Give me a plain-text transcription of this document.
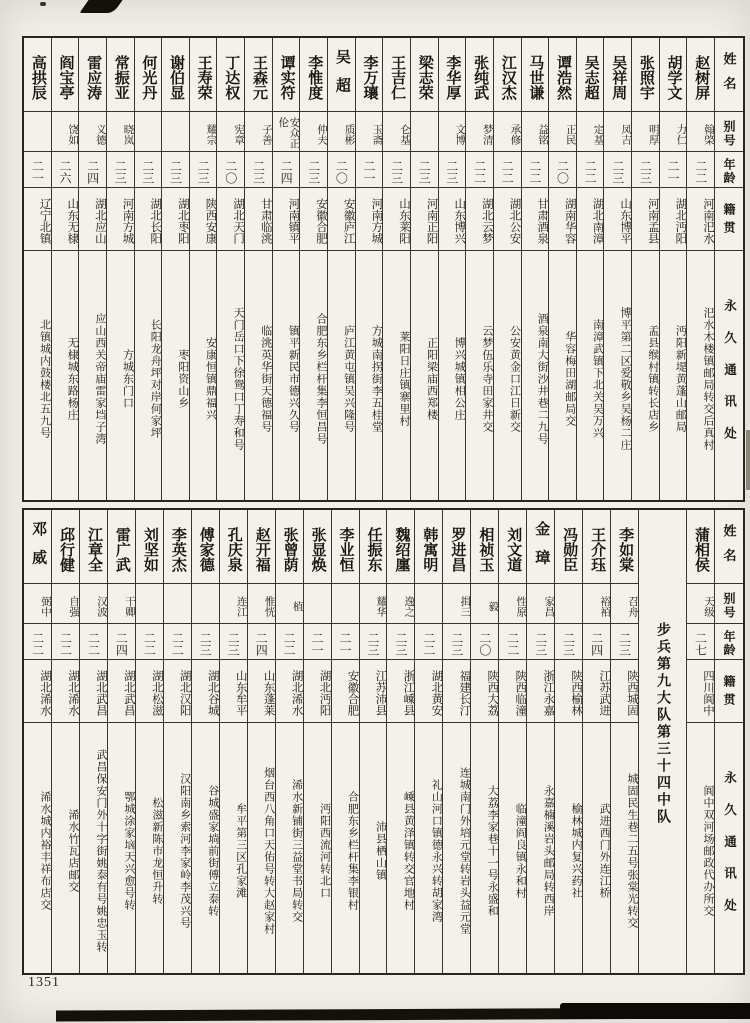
姓名
别号
年龄
籍贯
永久通讯处
赵树屏
翰棨
二二
河南汜水
汜水木楼镇邮局转交后真村
胡学文
力仁
二一
湖北沔阳
沔阳新堤黄蓬山邮局
张照宇
明厚
二三
河南孟县
孟县缑村镇转长店乡
吴祥周
凤吉
二三
山东博平
博平第二区爱敬乡吴杨二庄
吴志超
定基
二二
湖北南漳
南漳武镇下北关吴万兴
谭浩然
正民
二〇
湖南华容
华容梅田湖邮局交
马世谦
益铭
二二
甘肃酒泉
酒泉南大街沙井巷二九号
江汉杰
承修
二二
湖北公安
公安黄金口江日新交
张纯武
梦清
二二
湖北云梦
云梦伍乐寺田家井交
李华厚
文博
二三
山东博兴
博兴城镇相公庄
梁志荣
二三
河南正阳
正阳梁庙西郑楼
王吉仁
仑基
二三
山东莱阳
莱阳日庄镇寨里村
李万瓖
玉斋
二一
河南方城
方城南拐街李五桂堂
吴超
质彬
二〇
安徽庐江
庐江黄屯镇吴兴隆号
李惟度
仲夫
二三
安徽合肥
合肥东乡栏杆集李恒昌号
谭实符
安众正伦
二四
河南镇平
镇平新民市德兴久号
王森元
子善
二三
甘肃临洮
临洮英华街天德福号
丁达权
宪章
二〇
湖北天门
天门岳口下徐鸳口丁寿和号
王寿荣
耀宗
二三
陕西安康
安康恒镇鼎福兴
谢伯显
二三
湖北枣阳
枣阳资山乡
何光丹
二三
湖北长阳
长阳龙舟坪对岸何家坪
常振亚
晓岚
二三
河南方城
方城东门口
雷应涛
义德
二四
湖北应山
应山西关帝庙雷家垱子湾
阎宝亭
饶如
二六
山东无棣
无棣城东路杨庄
高拱辰
二一
辽宁北镇
北镇城内鼓楼北五九号
姓名
别号
年龄
籍贯
永久通讯处
蒲相侯
天级
二七
四川阆中
阆中双河场邮政代办所交
步兵第九大队第三十四中队
李如棠
召舟
二三
陕西城固
城固民生巷二五号张棠光转交
王介珏
裕袹
二四
江苏武进
武进西门外连江桥
冯勋臣
二三
陕西榆林
榆林城内复兴药社
金璋
家昌
二三
浙江永嘉
永嘉楠溪岩头邮局转西岸
刘文道
性原
二二
陕西临潼
临潼阎良镇永和村
相祯玉
毅
二〇
陕西大荔
大荔李家巷十一号永盛和
罗进昌
揖三
二三
福建长汀
连城南门外培元堂转岩头益元堂
韩寓明
二二
湖北黄安
礼山河口镇德永兴转胡家湾
魏绍廛
逸之
二三
浙江嵊县
嵊县黄泽镇转交官地村
任振东
耀华
二三
江苏沛县
沛县栖山镇
李业恒
二一
安徽合肥
合肥东乡栏杆集李银村
张显焕
二一
湖北沔阳
沔阳西流河转北口
张曾荫
植
二二
湖北浠水
浠水新铺街三益堂书局转交
赵开福
惟恍
二四
山东蓬莱
烟台西八角口天佑号转大赵家村
孔庆泉
连江
二三
山东牟平
牟平第三区孔家滩
傅家德
二三
湖北谷城
谷城盛家埫前街傅立泰转
李英杰
二二
湖北汉阳
汉阳南乡索河李家岭李茂兴号
刘坚如
二二
湖北松滋
松滋新陈市龙恒升转
雷广武
干卿
二四
湖北武昌
鄂城涂家垴天兴愈号转
江章全
汉波
二二
湖北武昌
武昌保安门外十字街姚泰有号姚忠玉转
邱行健
自强
二二
湖北浠水
浠水竹瓦店邮交
邓威
弼中
二二
湖北浠水
浠水城内裕丰祥布店交
1351
